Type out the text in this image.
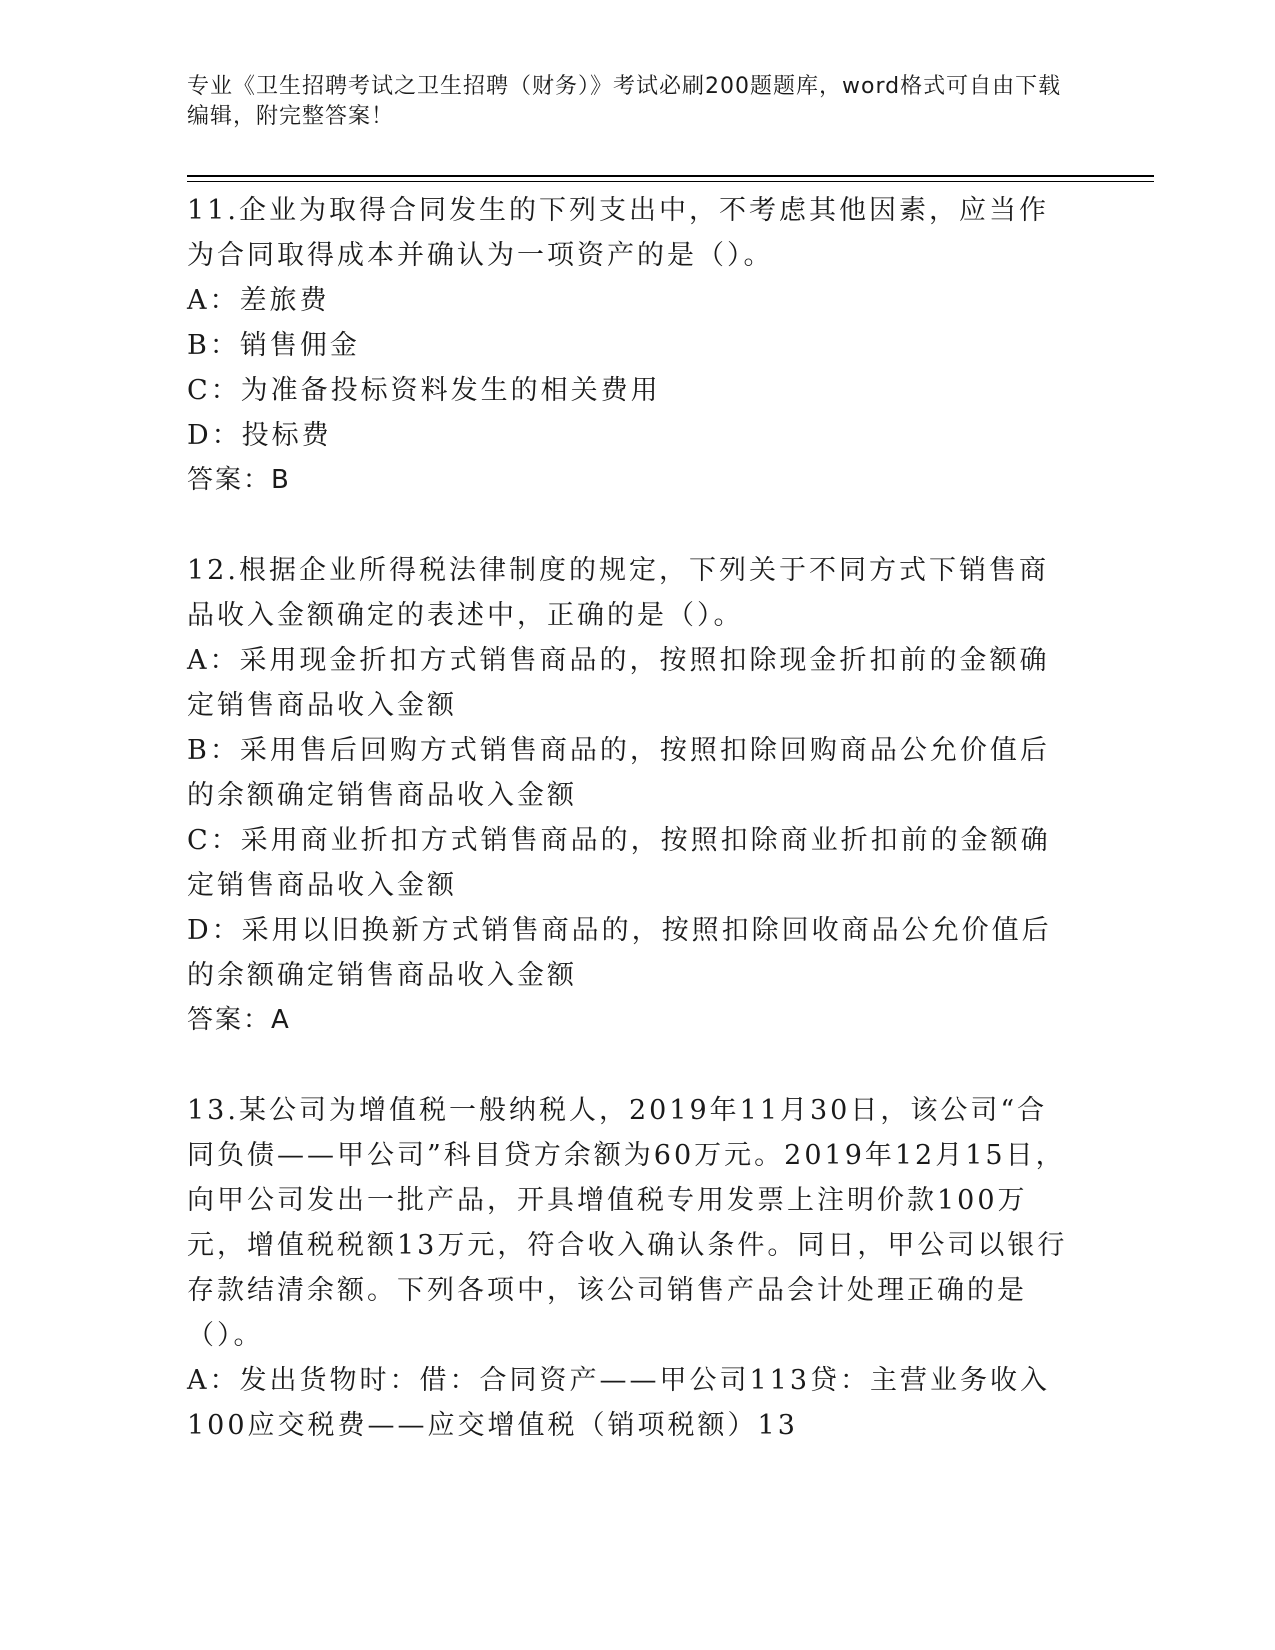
专业《卫生招聘考试之卫生招聘（财务）》考试必刷200题题库，word格式可自由下载编辑，附完整答案！

11.企业为取得合同发生的下列支出中，不考虑其他因素，应当作为合同取得成本并确认为一项资产的是（）。

A：差旅费

B：销售佣金

C：为准备投标资料发生的相关费用

D：投标费

答案：B

12.根据企业所得税法律制度的规定，下列关于不同方式下销售商品收入金额确定的表述中，正确的是（）。

A：采用现金折扣方式销售商品的，按照扣除现金折扣前的金额确定销售商品收入金额

B：采用售后回购方式销售商品的，按照扣除回购商品公允价值后的余额确定销售商品收入金额

C：采用商业折扣方式销售商品的，按照扣除商业折扣前的金额确定销售商品收入金额

D：采用以旧换新方式销售商品的，按照扣除回收商品公允价值后的余额确定销售商品收入金额

答案：A

13.某公司为增值税一般纳税人，2019年11月30日，该公司“合同负债——甲公司”科目贷方余额为60万元。2019年12月15日，向甲公司发出一批产品，开具增值税专用发票上注明价款100万元，增值税税额13万元，符合收入确认条件。同日，甲公司以银行存款结清余额。下列各项中，该公司销售产品会计处理正确的是（）。

A：发出货物时：借：合同资产——甲公司113贷：主营业务收入100应交税费——应交增值税（销项税额）13
